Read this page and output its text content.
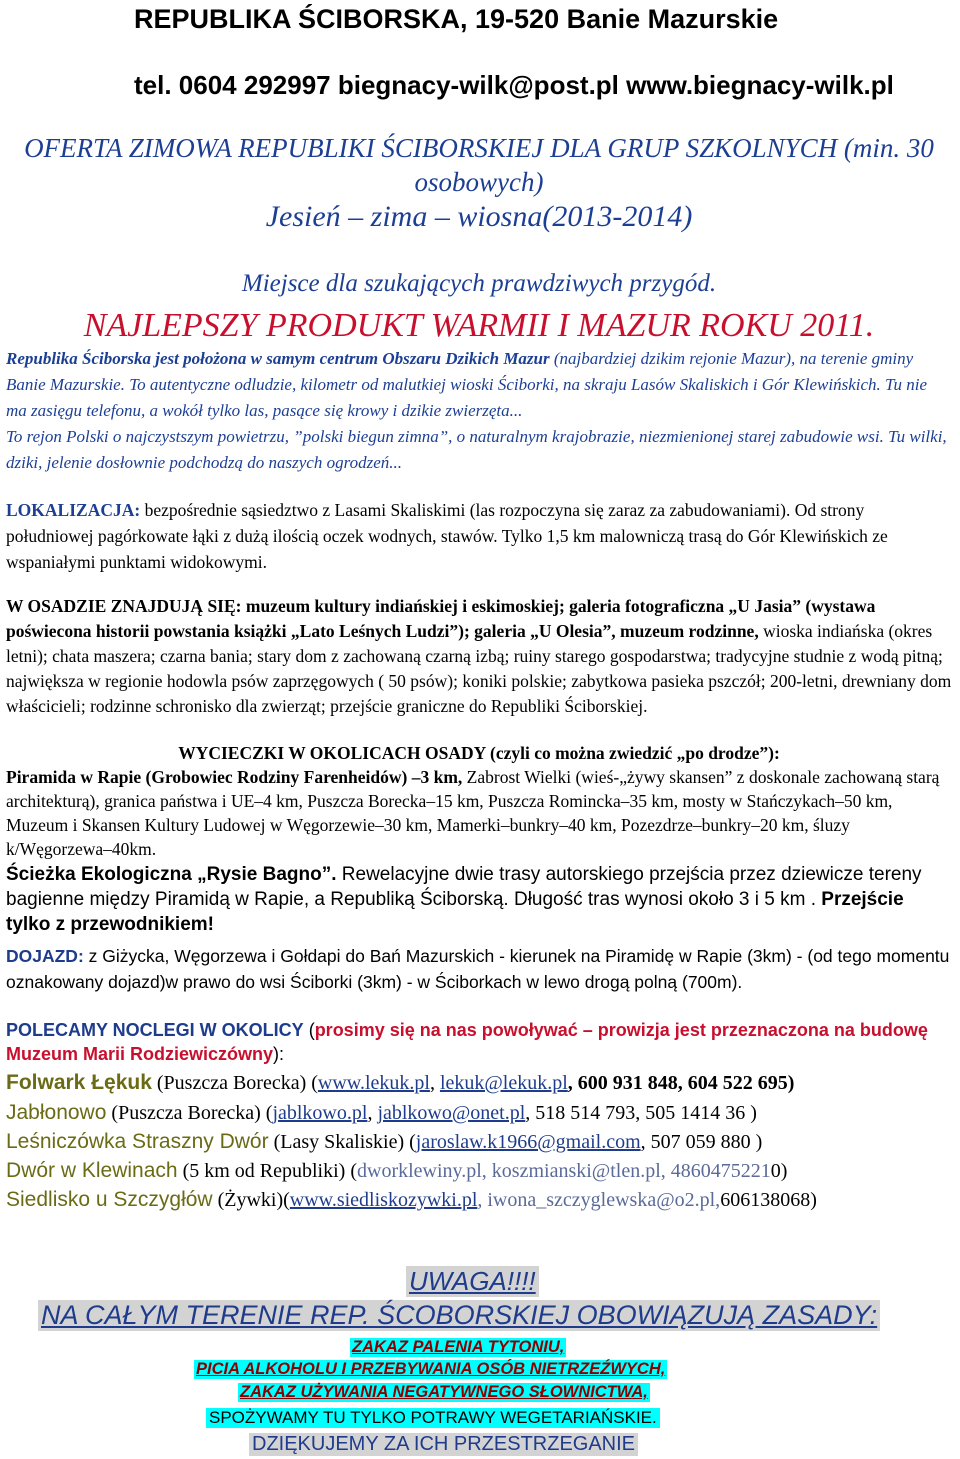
REPUBLIKA ŚCIBORSKA, 19-520 Banie Mazurskie
tel. 0604 292997 biegnacy-wilk@post.pl www.biegnacy-wilk.pl
OFERTA ZIMOWA REPUBLIKI ŚCIBORSKIEJ DLA GRUP SZKOLNYCH (min. 30 osobowych)
Jesień – zima – wiosna(2013-2014)
Miejsce dla szukających prawdziwych przygód.
NAJLEPSZY PRODUKT WARMII I MAZUR ROKU 2011.
Republika Ściborska jest położona w samym centrum Obszaru Dzikich Mazur (najbardziej dzikim rejonie Mazur), na terenie gminy Banie Mazurskie. To autentyczne odludzie, kilometr od malutkiej wioski Ściborki, na skraju Lasów Skaliskich i Gór Klewińskich. Tu nie ma zasięgu telefonu, a wokół tylko las, pasące się krowy i dzikie zwierzęta...
To rejon Polski o najczystszym powietrzu, ”polski biegun zimna”, o naturalnym krajobrazie, niezmienionej starej zabudowie wsi. Tu wilki, dziki, jelenie dosłownie podchodzą do naszych ogrodzeń...
LOKALIZACJA: bezpośrednie sąsiedztwo z Lasami Skaliskimi (las rozpoczyna się zaraz za zabudowaniami). Od strony południowej pagórkowate łąki z dużą ilością oczek wodnych, stawów. Tylko 1,5 km malowniczą trasą do Gór Klewińskich ze wspaniałymi punktami widokowymi.
W OSADZIE ZNAJDUJĄ SIĘ: muzeum kultury indiańskiej i eskimoskiej; galeria fotograficzna „U Jasia” (wystawa poświecona historii powstania książki „Lato Leśnych Ludzi”); galeria „U Olesia”, muzeum rodzinne, wioska indiańska (okres letni); chata maszera; czarna bania; stary dom z zachowaną czarną izbą; ruiny starego gospodarstwa; tradycyjne studnie z wodą pitną; największa w regionie hodowla psów zaprzęgowych ( 50 psów); koniki polskie; zabytkowa pasieka pszczół; 200-letni, drewniany dom właścicieli; rodzinne schronisko dla zwierząt; przejście graniczne do Republiki Ściborskiej.
WYCIECZKI W OKOLICACH OSADY (czyli co można zwiedzić „po drodze”):
Piramida w Rapie (Grobowiec Rodziny Farenheidów) –3 km, Zabrost Wielki (wieś-„żywy skansen” z doskonale zachowaną starą architekturą), granica państwa i UE–4 km, Puszcza Borecka–15 km, Puszcza Romincka–35 km, mosty w Stańczykach–50 km, Muzeum i Skansen Kultury Ludowej w Węgorzewie–30 km, Mamerki–bunkry–40 km, Pozezdrze–bunkry–20 km, śluzy k/Węgorzewa–40km.
Ścieżka Ekologiczna „Rysie Bagno”. Rewelacyjne dwie trasy autorskiego przejścia przez dziewicze tereny bagienne między Piramidą w Rapie, a Republiką Ściborską. Długość tras wynosi około 3 i 5 km . Przejście tylko z przewodnikiem!
DOJAZD: z Giżycka, Węgorzewa i Gołdapi do Bań Mazurskich - kierunek na Piramidę w Rapie (3km) - (od tego momentu oznakowany dojazd)w prawo do wsi Ściborki (3km) - w Ściborkach w lewo drogą polną (700m).
POLECAMY NOCLEGI W OKOLICY (prosimy się na nas powoływać – prowizja jest przeznaczona na budowę Muzeum Marii Rodziewiczówny):
Folwark Łękuk (Puszcza Borecka) (www.lekuk.pl, lekuk@lekuk.pl, 600 931 848, 604 522 695)
Jabłonowo (Puszcza Borecka) (jablkowo.pl, jablkowo@onet.pl, 518 514 793, 505 1414 36 )
Leśniczówka Straszny Dwór (Lasy Skaliskie) (jaroslaw.k1966@gmail.com, 507 059 880 )
Dwór w Klewinach (5 km od Republiki) (dworklewiny.pl, koszmianski@tlen.pl, 48604752210)
Siedlisko u Szczygłów (Żywki)(www.siedliskozywki.pl, iwona_szczyglewska@o2.pl,606138068)
UWAGA!!!!
NA CAŁYM TERENIE REP. ŚCOBORSKIEJ OBOWIĄZUJĄ ZASADY:
ZAKAZ PALENIA TYTONIU,
PICIA ALKOHOLU I PRZEBYWANIA OSÓB NIETRZEŹWYCH,
ZAKAZ UŻYWANIA NEGATYWNEGO SŁOWNICTWA,
SPOŻYWAMY TU TYLKO POTRAWY WEGETARIAŃSKIE.
DZIĘKUJEMY ZA ICH PRZESTRZEGANIE
